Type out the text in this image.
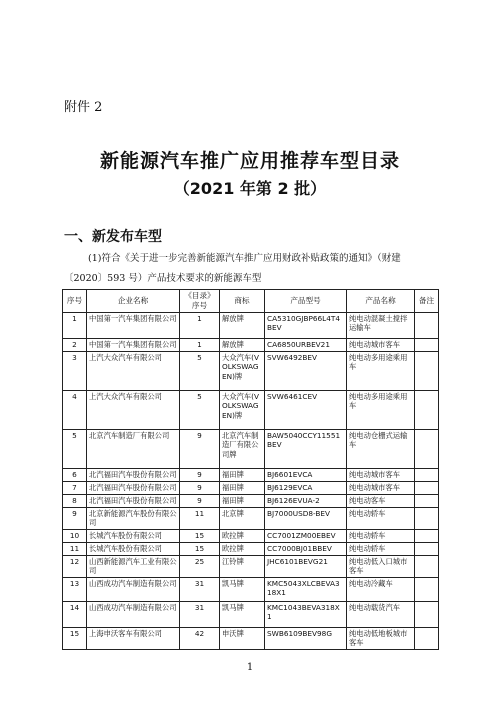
附件 2
新能源汽车推广应用推荐车型目录
（2021 年第 2 批）
一、新发布车型
(1)符合《关于进一步完善新能源汽车推广应用财政补贴政策的通知》（财建
〔2020〕593 号）产品技术要求的新能源车型
序号	企业名称	《目录》序号	商标	产品型号	产品名称	备注
1	中国第一汽车集团有限公司	1	解放牌	CA5310GJBP66L4T4BEV	纯电动混凝土搅拌运输车	
2	中国第一汽车集团有限公司	1	解放牌	CA6850URBEV21	纯电动城市客车	
3	上汽大众汽车有限公司	5	大众汽车(VOLKSWAGEN)牌	SVW6492BEV	纯电动多用途乘用车	
4	上汽大众汽车有限公司	5	大众汽车(VOLKSWAGEN)牌	SVW6461CEV	纯电动多用途乘用车	
5	北京汽车制造厂有限公司	9	北京汽车制造厂有限公司牌	BAW5040CCY11551BEV	纯电动仓栅式运输车	
6	北汽福田汽车股份有限公司	9	福田牌	BJ6601EVCA	纯电动城市客车	
7	北汽福田汽车股份有限公司	9	福田牌	BJ6129EVCA	纯电动城市客车	
8	北汽福田汽车股份有限公司	9	福田牌	BJ6126EVUA-2	纯电动客车	
9	北京新能源汽车股份有限公司	11	北京牌	BJ7000USD8-BEV	纯电动轿车	
10	长城汽车股份有限公司	15	欧拉牌	CC7001ZM00EBEV	纯电动轿车	
11	长城汽车股份有限公司	15	欧拉牌	CC7000BJ01BBEV	纯电动轿车	
12	山西新能源汽车工业有限公司	25	江铃牌	JHC6101BEVG21	纯电动低入口城市客车	
13	山西成功汽车制造有限公司	31	凯马牌	KMC5043XLCBEVA318X1	纯电动冷藏车	
14	山西成功汽车制造有限公司	31	凯马牌	KMC1043BEVA318X1	纯电动载货汽车	
15	上海申沃客车有限公司	42	申沃牌	SWB6109BEV98G	纯电动低地板城市客车	
1
